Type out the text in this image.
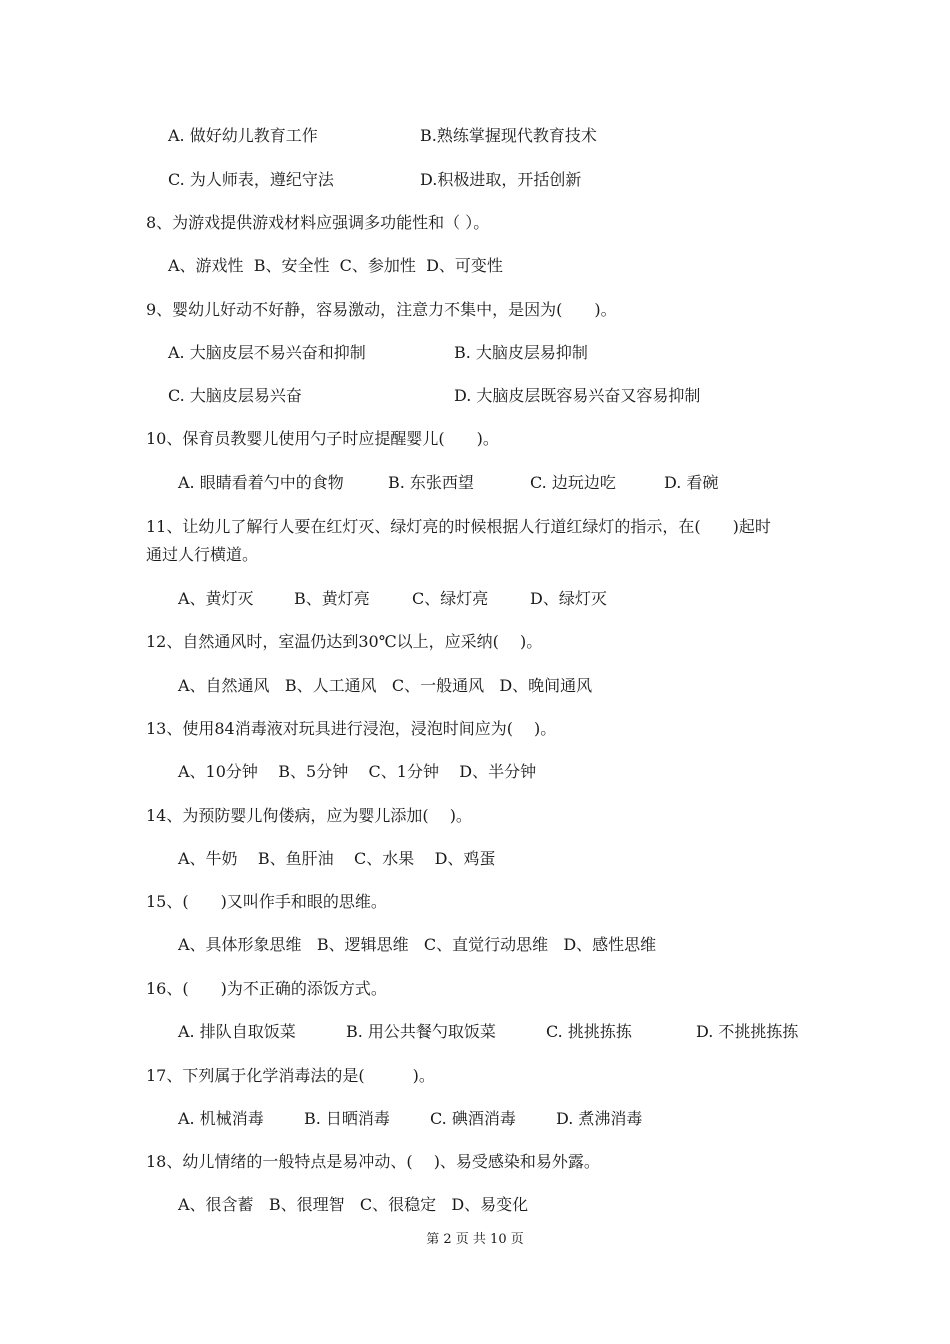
A. 做好幼儿教育工作	B.熟练掌握现代教育技术
C. 为人师表，遵纪守法	D.积极进取，开括创新
8、为游戏提供游戏材料应强调多功能性和（ ）。
A、游戏性  B、安全性  C、参加性  D、可变性
9、婴幼儿好动不好静，容易激动，注意力不集中，是因为(　　)。
A. 大脑皮层不易兴奋和抑制	B. 大脑皮层易抑制
C. 大脑皮层易兴奋	D. 大脑皮层既容易兴奋又容易抑制
10、保育员教婴儿使用勺子时应提醒婴儿(　　)。
A. 眼睛看着勺中的食物	B. 东张西望	C. 边玩边吃	D. 看碗
11、让幼儿了解行人要在红灯灭、绿灯亮的时候根据人行道红绿灯的指示，在(　　)起时
通过人行横道。
A、黄灯灭	B、黄灯亮	C、绿灯亮	D、绿灯灭
12、自然通风时，室温仍达到30℃以上，应采纳(　 )。
A、自然通风   B、人工通风   C、一般通风   D、晚间通风
13、使用84消毒液对玩具进行浸泡，浸泡时间应为(　 )。
A、10分钟    B、5分钟    C、1分钟    D、半分钟
14、为预防婴儿佝偻病，应为婴儿添加(　 )。
A、牛奶    B、鱼肝油    C、水果    D、鸡蛋
15、(　　)又叫作手和眼的思维。
A、具体形象思维   B、逻辑思维   C、直觉行动思维   D、感性思维
16、(　　)为不正确的添饭方式。
A. 排队自取饭菜	B. 用公共餐勺取饭菜	C. 挑挑拣拣	D. 不挑挑拣拣
17、下列属于化学消毒法的是(　　　)。
A. 机械消毒	B. 日晒消毒	C. 碘酒消毒	D. 煮沸消毒
18、幼儿情绪的一般特点是易冲动、(　 )、易受感染和易外露。
A、很含蓄   B、很理智   C、很稳定   D、易变化
第 2 页 共 10 页
